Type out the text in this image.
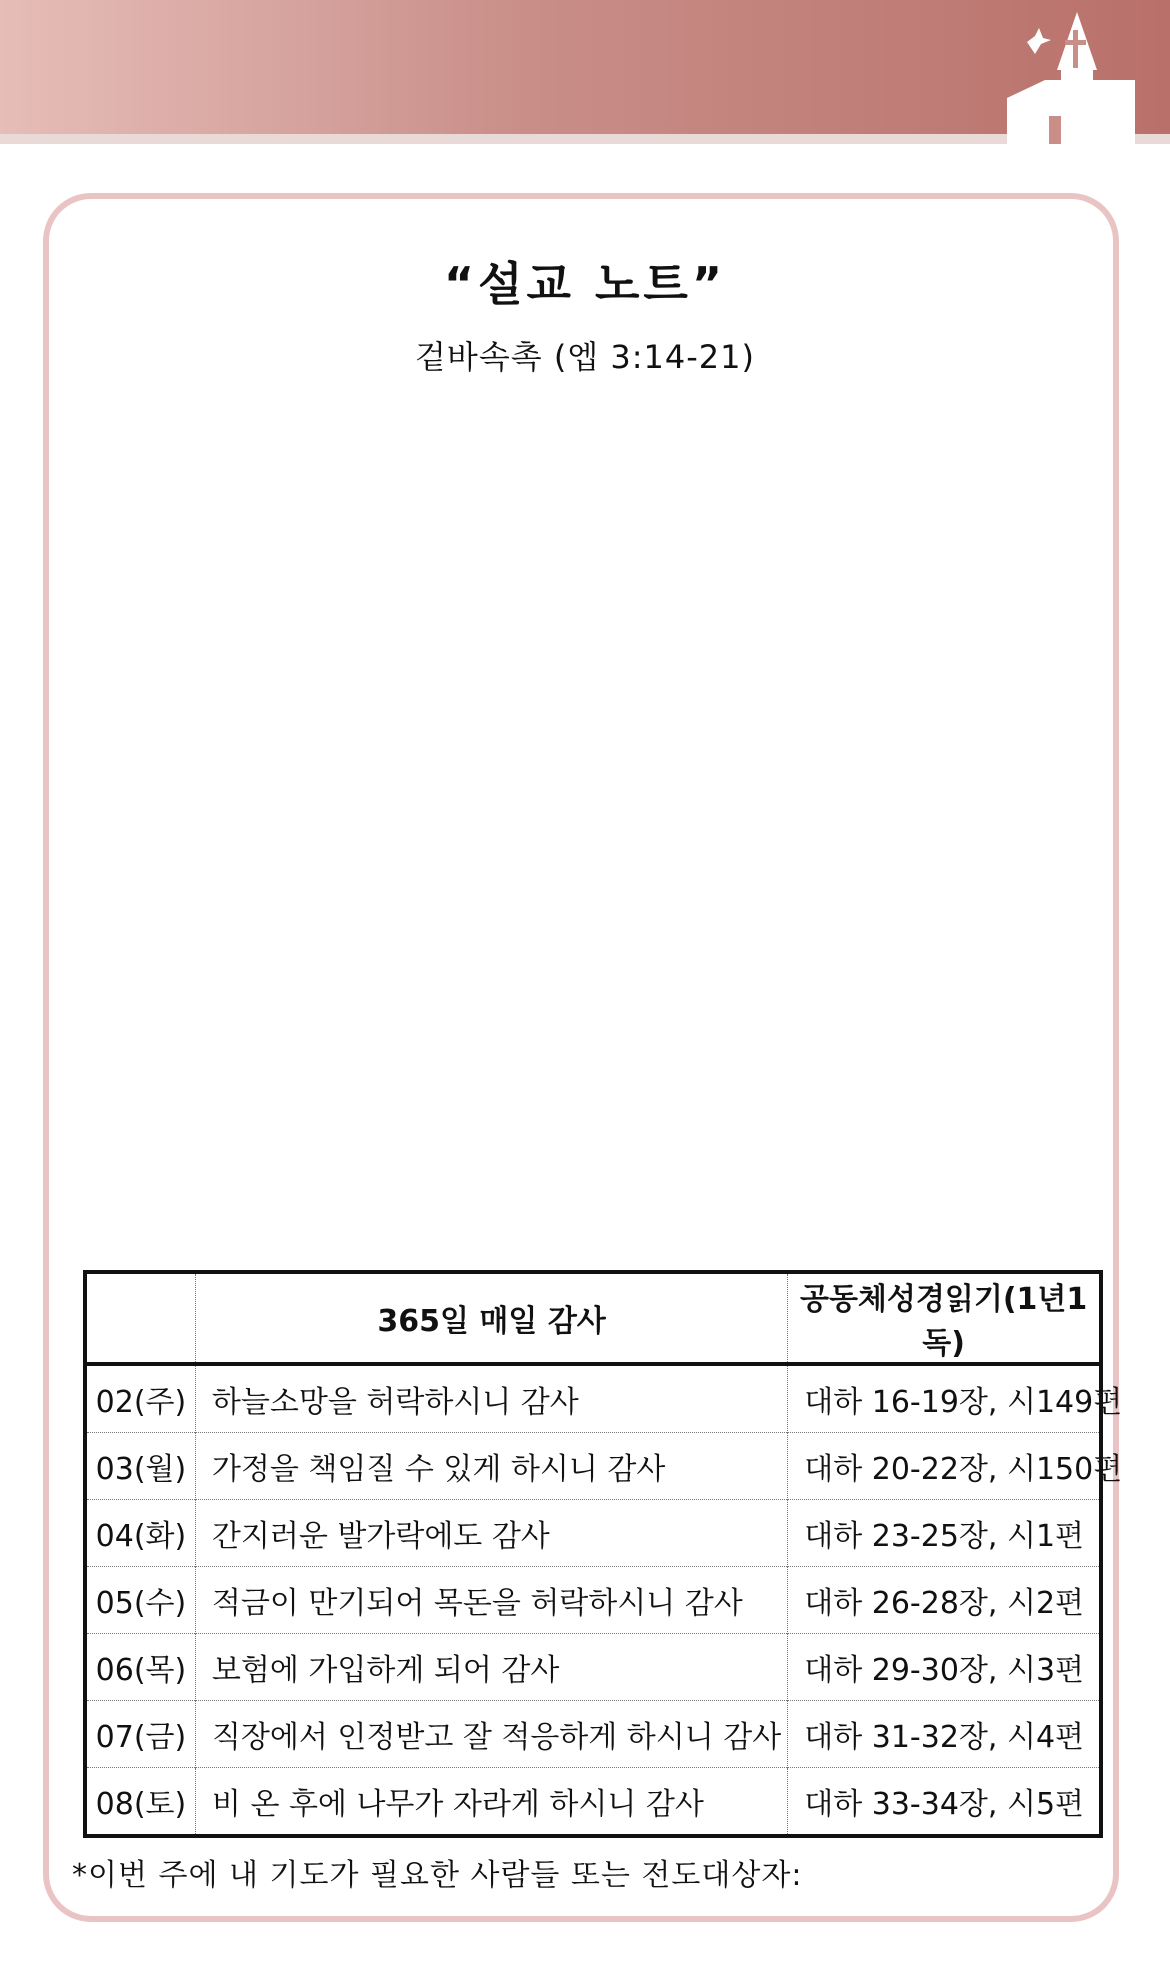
“설교 노트”
겉바속촉 (엡 3:14-21)
	365일 매일 감사	공동체성경읽기(1년1독)
02(주)	하늘소망을 허락하시니 감사	대하 16-19장, 시 149편

03(월)	가정을 책임질 수 있게 하시니 감사	대하 20-22장, 시 150편

04(화)	간지러운 발가락에도 감사	대하 23-25장, 시 1편

05(수)	적금이 만기되어 목돈을 허락하시니 감사	대하 26-28장, 시 2편

06(목)	보험에 가입하게 되어 감사	대하 29-30장, 시 3편

07(금)	직장에서 인정받고 잘 적응하게 하시니 감사	대하 31-32장, 시 4편

08(토)	비 온 후에 나무가 자라게 하시니 감사	대하 33-34장, 시 5편
*이번 주에 내 기도가 필요한 사람들 또는 전도대상자:
